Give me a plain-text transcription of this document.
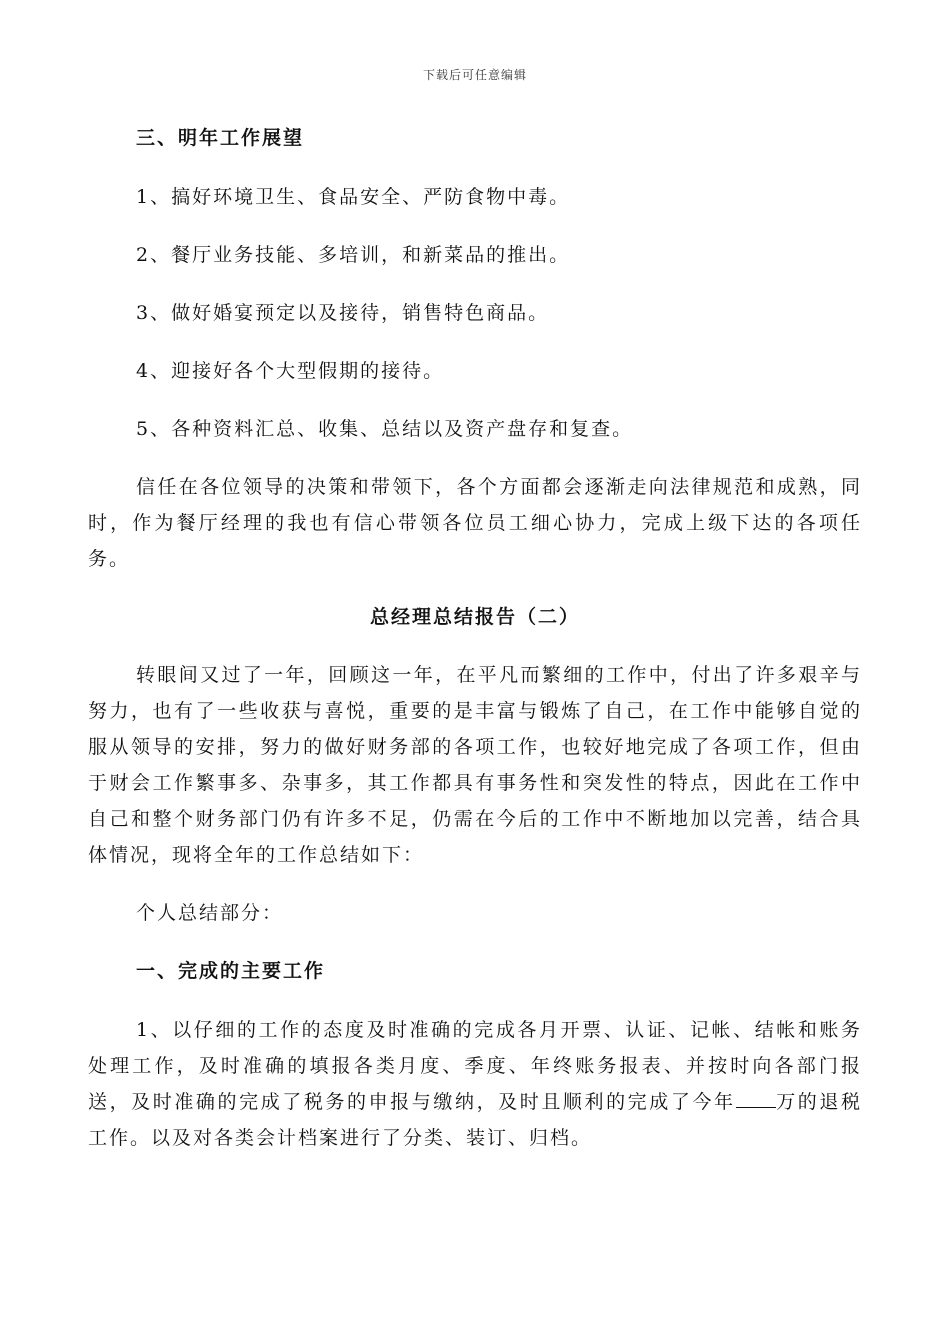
下载后可任意编辑

三、明年工作展望

1、搞好环境卫生、食品安全、严防食物中毒。

2、餐厅业务技能、多培训，和新菜品的推出。

3、做好婚宴预定以及接待，销售特色商品。

4、迎接好各个大型假期的接待。

5、各种资料汇总、收集、总结以及资产盘存和复查。

信任在各位领导的决策和带领下，各个方面都会逐渐走向法律规范和成熟，同时，作为餐厅经理的我也有信心带领各位员工细心协力，完成上级下达的各项任务。

总经理总结报告（二）

转眼间又过了一年，回顾这一年，在平凡而繁细的工作中，付出了许多艰辛与努力，也有了一些收获与喜悦，重要的是丰富与锻炼了自己，在工作中能够自觉的服从领导的安排，努力的做好财务部的各项工作，也较好地完成了各项工作，但由于财会工作繁事多、杂事多，其工作都具有事务性和突发性的特点，因此在工作中自己和整个财务部门仍有许多不足，仍需在今后的工作中不断地加以完善，结合具体情况，现将全年的工作总结如下：

个人总结部分：

一、完成的主要工作

1、以仔细的工作的态度及时准确的完成各月开票、认证、记帐、结帐和账务处理工作，及时准确的填报各类月度、季度、年终账务报表、并按时向各部门报送，及时准确的完成了税务的申报与缴纳，及时且顺利的完成了今年 万的退税工作。以及对各类会计档案进行了分类、装订、归档。
